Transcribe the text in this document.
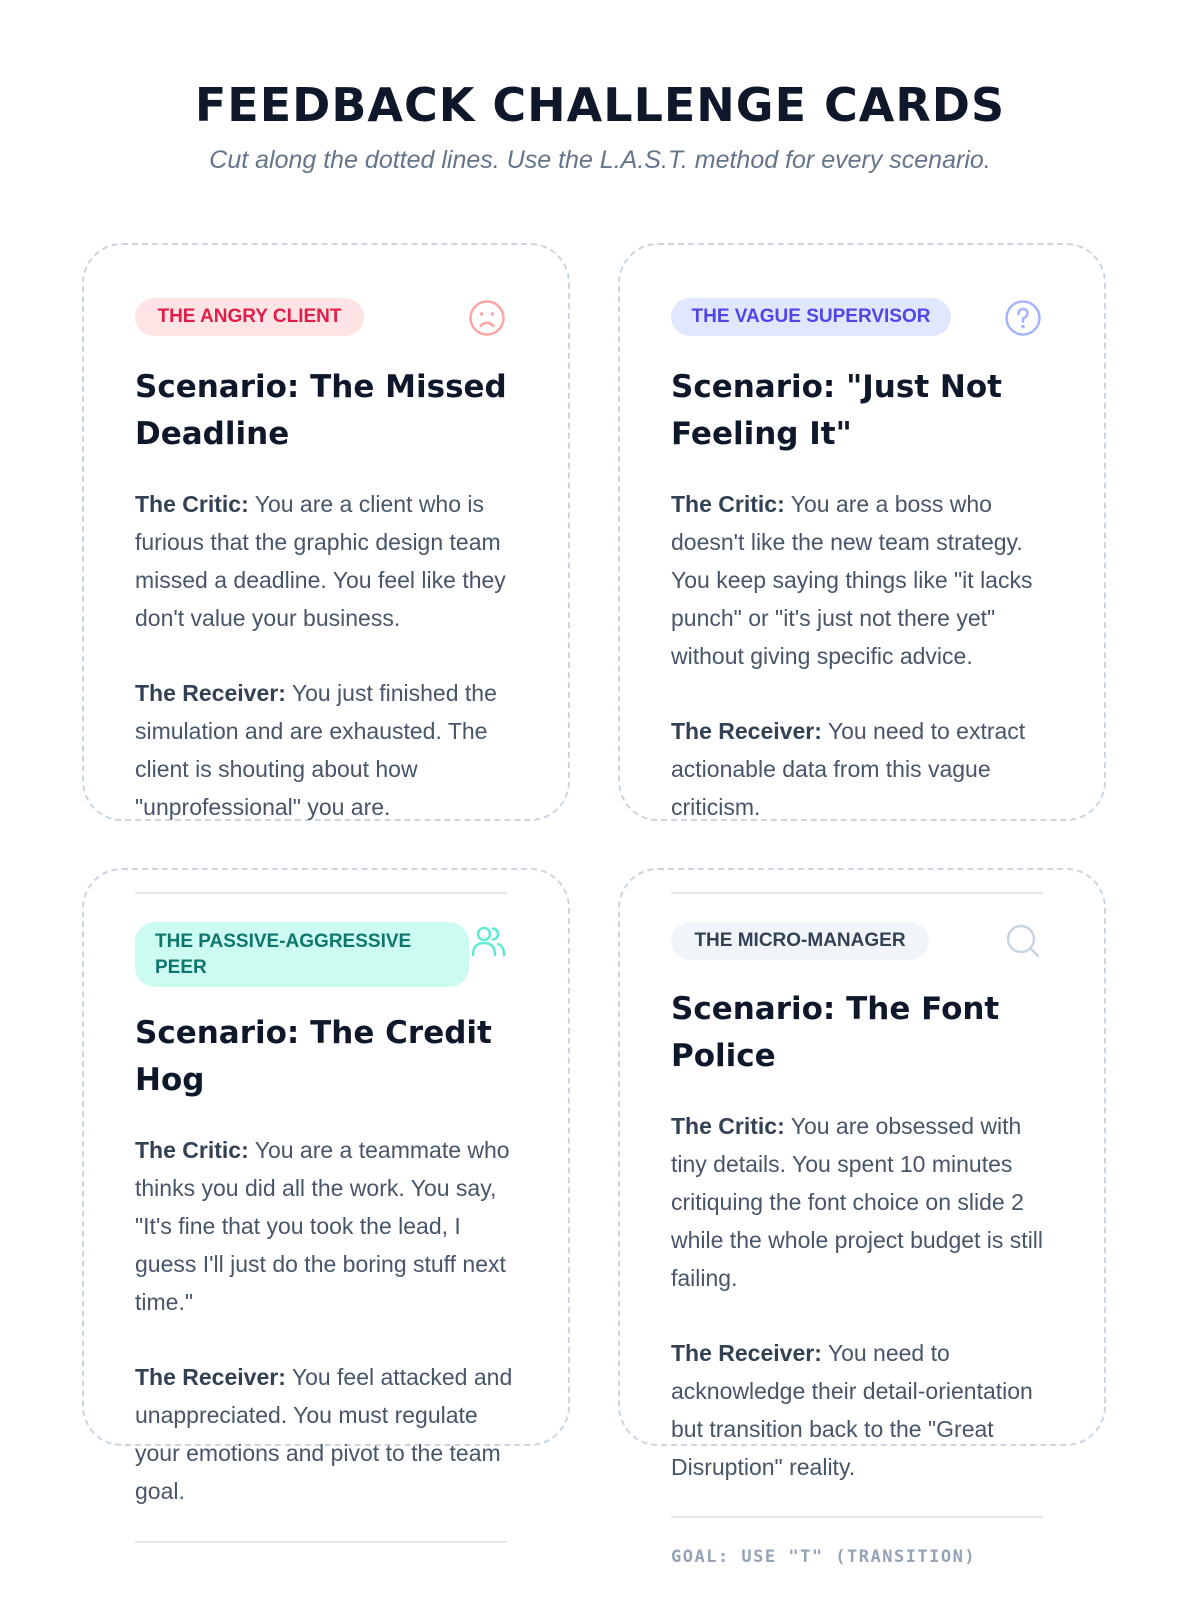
FEEDBACK CHALLENGE CARDS

Cut along the dotted lines. Use the L.A.S.T. method for every scenario.

THE ANGRY CLIENT
Scenario: The Missed Deadline

The Critic: You are a client who is furious that the graphic design team missed a deadline. You feel like they don't value your business.

The Receiver: You just finished the simulation and are exhausted. The client is shouting about how "unprofessional" you are.

THE VAGUE SUPERVISOR
Scenario: "Just Not Feeling It"

The Critic: You are a boss who doesn't like the new team strategy. You keep saying things like "it lacks punch" or "it's just not there yet" without giving specific advice.

The Receiver: You need to extract actionable data from this vague criticism.

THE PASSIVE-AGGRESSIVE PEER
Scenario: The Credit Hog

The Critic: You are a teammate who thinks you did all the work. You say, "It's fine that you took the lead, I guess I'll just do the boring stuff next time."

The Receiver: You feel attacked and unappreciated. You must regulate your emotions and pivot to the team goal.

THE MICRO-MANAGER
Scenario: The Font Police

The Critic: You are obsessed with tiny details. You spent 10 minutes critiquing the font choice on slide 2 while the whole project budget is still failing.

The Receiver: You need to acknowledge their detail-orientation but transition back to the "Great Disruption" reality.

GOAL: USE "T" (TRANSITION)
